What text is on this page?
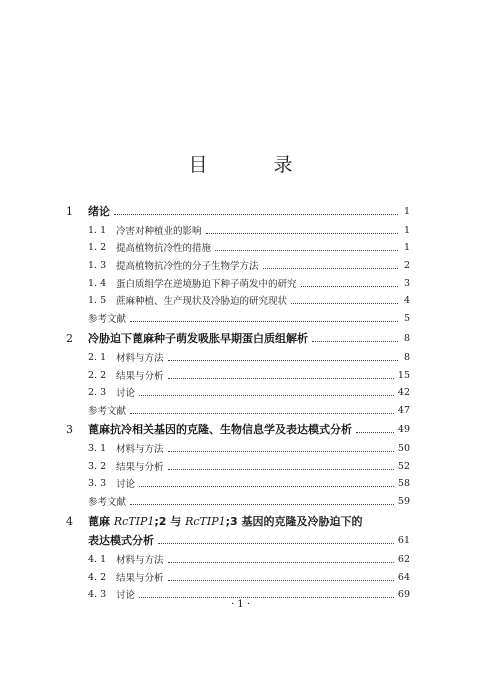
目 录
1	绪论	1
1. 1	冷害对种植业的影响	1
1. 2	提高植物抗冷性的措施	1
1. 3	提高植物抗冷性的分子生物学方法	2
1. 4	蛋白质组学在逆境胁迫下种子萌发中的研究	3
1. 5	蔗麻种植、生产现状及冷胁迫的研究现状	4
参考文献	5
2	冷胁迫下蓖麻种子萌发吸胀早期蛋白质组解析	8
2. 1	材料与方法	8
2. 2	结果与分析	15
2. 3	讨论	42
参考文献	47
3	蓖麻抗冷相关基因的克隆、生物信息学及表达模式分析	49
3. 1	材料与方法	50
3. 2	结果与分析	52
3. 3	讨论	58
参考文献	59
4	蓖麻 RcTIP1;2 与 RcTIP1;3 基因的克隆及冷胁迫下的
表达模式分析	61
4. 1	材料与方法	62
4. 2	结果与分析	64
4. 3	讨论	69
· 1 ·
